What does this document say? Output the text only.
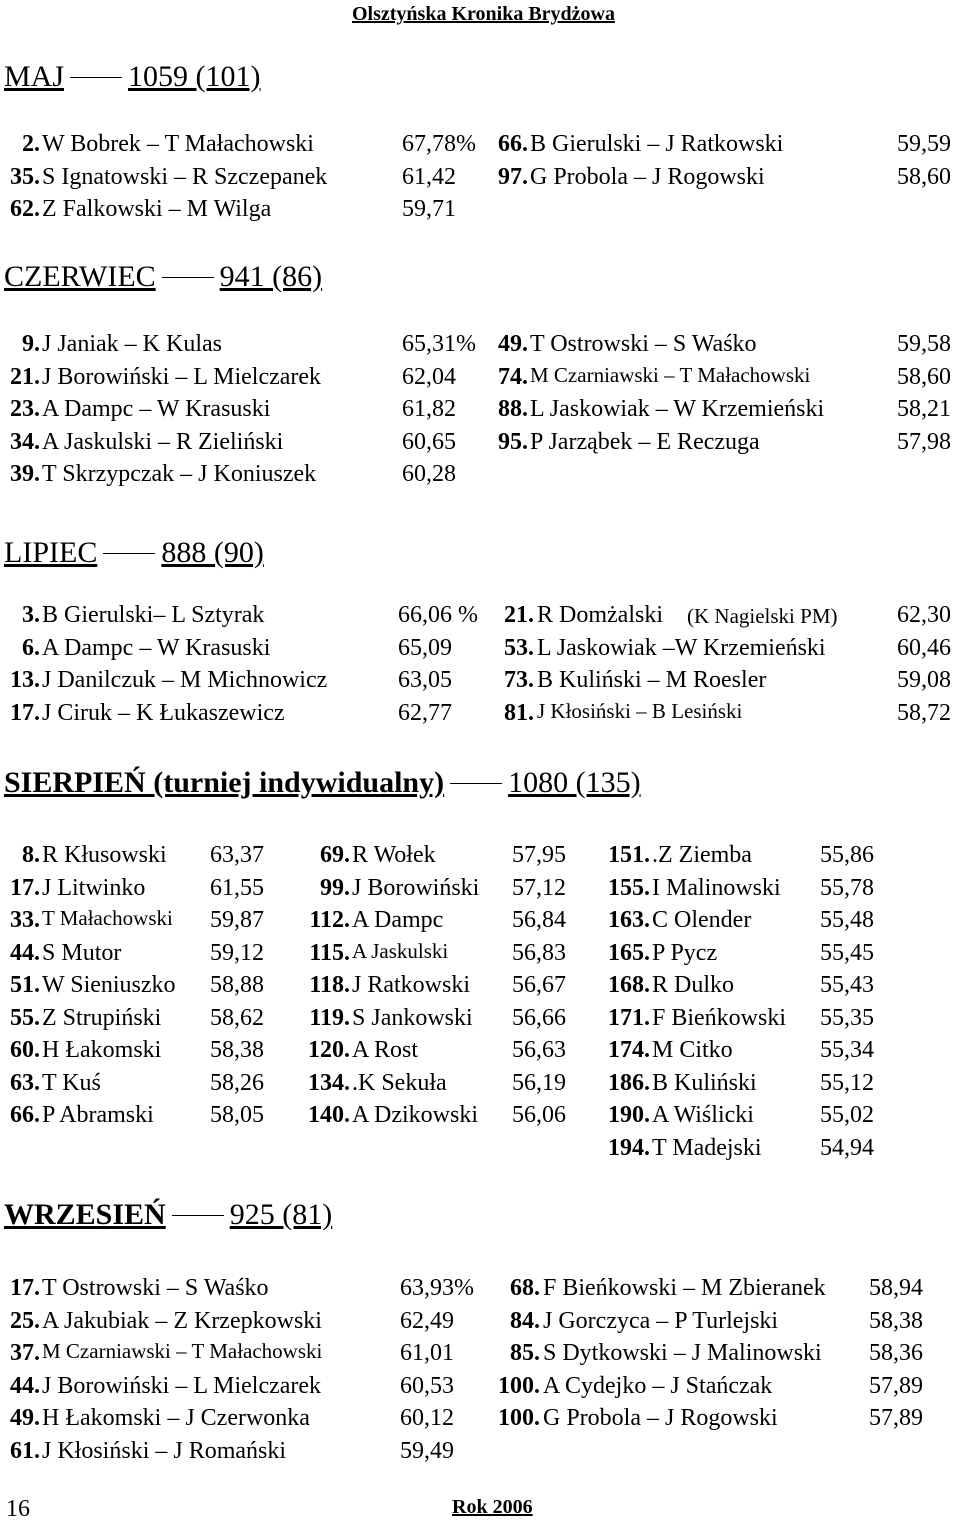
Olsztyńska Kronika Brydżowa
MAJ 1059 (101)
2. W Bobrek – T Małachowski	67,78%
35. S Ignatowski – R Szczepanek	61,42
62. Z Falkowski – M Wilga	59,71
66. B Gierulski – J Ratkowski	59,59
97. G Probola – J Rogowski	58,60
CZERWIEC 941 (86)
9. J Janiak – K Kulas	65,31%
21. J Borowiński – L Mielczarek	62,04
23. A Dampc – W Krasuski	61,82
34. A Jaskulski – R Zieliński	60,65
39. T Skrzypczak – J Koniuszek	60,28
49. T Ostrowski – S Waśko	59,58
74. M Czarniawski – T Małachowski	58,60
88. L Jaskowiak – W Krzemieński	58,21
95. P Jarząbek – E Reczuga	57,98
LIPIEC 888 (90)
3. B Gierulski– L Sztyrak	66,06 %
6. A Dampc – W Krasuski	65,09
13. J Danilczuk – M Michnowicz	63,05
17. J Ciruk – K Łukaszewicz	62,77
21. R Domżalski (K Nagielski PM) 62,30
53. L Jaskowiak –W Krzemieński	60,46
73. B Kuliński – M Roesler	59,08
81. J Kłosiński – B Lesiński	58,72
SIERPIEŃ (turniej indywidualny) 1080 (135)
8. R Kłusowski 63,37
17. J Litwinko	61,55
33. T Małachowski 59,87
44. S Mutor	59,12
51. W Sieniuszko 58,88
55. Z Strupiński 58,62
60. H Łakomski 58,38
63. T Kuś	58,26
66. P Abramski 58,05
69. R Wołek	57,95
99. J Borowiński 57,12
112. A Dampc	56,84
115. A Jaskulski	56,83
118. J Ratkowski 56,67
119. S Jankowski 56,66
120. A Rost	56,63
134. .K Sekuła	56,19
140. A Dzikowski 56,06
151. .Z Ziemba	55,86
155. I Malinowski 55,78
163. C Olender	55,48
165. P Pycz	55,45
168. R Dulko	55,43
171. F Bieńkowski 55,35
174. M Citko	55,34
186. B Kuliński	55,12
190. A Wiślicki	55,02
194. T Madejski 54,94
WRZESIEŃ 925 (81)
17. T Ostrowski – S Waśko	63,93%
25. A Jakubiak – Z Krzepkowski	62,49
37. M Czarniawski – T Małachowski	61,01
44. J Borowiński – L Mielczarek	60,53
49. H Łakomski – J Czerwonka	60,12
61. J Kłosiński – J Romański	59,49
68. F Bieńkowski – M Zbieranek 58,94
84. J Gorczyca – P Turlejski	58,38
85. S Dytkowski – J Malinowski 58,36
100. A Cydejko – J Stańczak	57,89
100. G Probola – J Rogowski	57,89
16	Rok 2006
